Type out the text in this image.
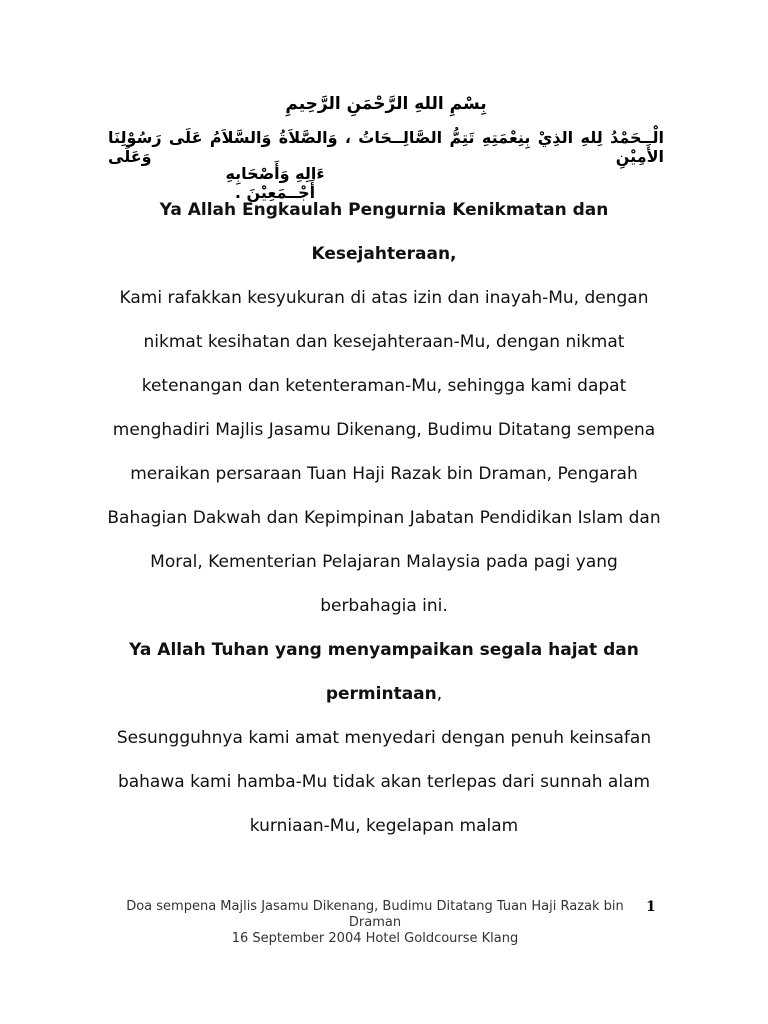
بِسْمِ اللهِ الرَّحْمَنِ الرَّحِيمِ
الْــحَمْدُ لِلهِ الذِيْ بِنِعْمَتِهِ تَتِمُّ الصَّالِــحَاتُ ، وَالصَّلاَةُ وَالسَّلاَمُ عَلَى رَسُوْلِنَا الأَمِيْنِ وَعَلَى
ءَالِهِ وَأَصْحَابِهِ أَجْــمَعِيْنَ .

Ya Allah Engkaulah Pengurnia Kenikmatan dan Kesejahteraan,

Kami rafakkan kesyukuran di atas izin dan inayah-Mu, dengan nikmat kesihatan dan kesejahteraan-Mu, dengan nikmat ketenangan dan ketenteraman-Mu, sehingga kami dapat menghadiri Majlis Jasamu Dikenang, Budimu Ditatang sempena meraikan persaraan Tuan Haji Razak bin Draman, Pengarah Bahagian Dakwah dan Kepimpinan Jabatan Pendidikan Islam dan Moral, Kementerian Pelajaran Malaysia pada pagi yang berbahagia ini.

Ya Allah Tuhan yang menyampaikan segala hajat dan permintaan,

Sesungguhnya kami amat menyedari dengan penuh keinsafan bahawa kami hamba-Mu tidak akan terlepas dari sunnah alam kurniaan-Mu, kegelapan malam

Doa sempena Majlis Jasamu Dikenang, Budimu Ditatang Tuan Haji Razak bin Draman
16 September 2004 Hotel Goldcourse Klang
1
